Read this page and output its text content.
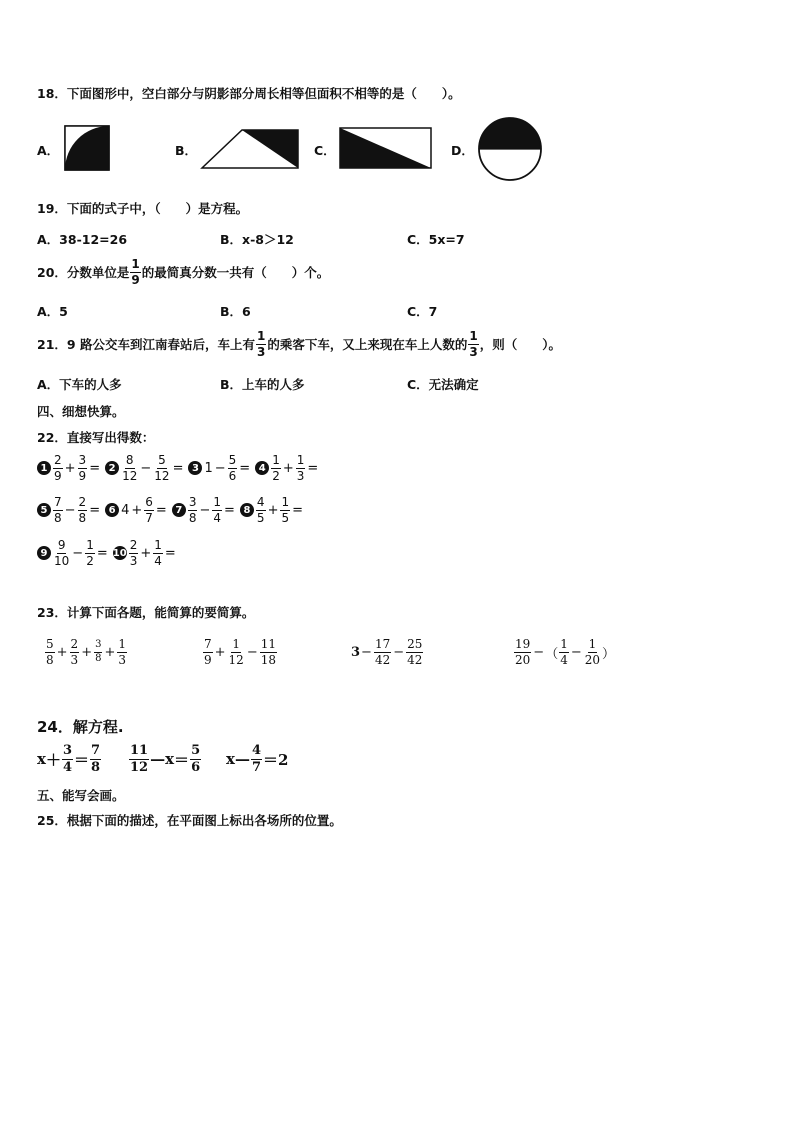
18．下面图形中，空白部分与阴影部分周长相等但面积不相等的是（　　）。
A．	B．	C．	D．
19．下面的式子中，（　　）是方程。
A．38-12=26	B．x-8＞12	C．5x=7
20．分数单位是 $\frac{1}{9}$ 的最简真分数一共有（　　）个。
A．5	B．6	C．7
21．9 路公交车到江南春站后，车上有 $\frac{1}{3}$ 的乘客下车，又上来现在车上人数的 $\frac{1}{3}$ ，则（　　）。
A．下车的人多	B．上车的人多	C．无法确定
四、细想快算。
22．直接写出得数：
$1 \frac{2}{9} + \frac{3}{9} = 2 \frac{8}{12} - \frac{5}{12} = 3$ $1 - \frac{5}{6} = 4 \frac{1}{2} + \frac{1}{3}$ =
$5 \frac{7}{8} - \frac{2}{8} = 6$ $4 + \frac{6}{7} = 7 \frac{3}{8} - \frac{1}{4} = 8 \frac{4}{5} + \frac{1}{5}$ =
$9 \frac{9}{10} - \frac{1}{2} = 10 \frac{2}{3} + \frac{1}{4}$ =
23．计算下面各题，能简算的要简算。
$\frac{5}{8} + \frac{2}{3} + \frac{3}{8} + \frac{1}{3}$	$\frac{7}{9} + \frac{1}{12} - \frac{11}{18}$	$3 - \frac{17}{42} - \frac{25}{42}$	$\frac{19}{20}$ − （ $\frac{1}{4} - \frac{1}{20}$ ）
24．解方程.
$x + \frac{3}{4} = \frac{7}{8} \frac{11}{12}$ —x ＝ $\frac{5}{6}$ x — $\frac{4}{7} =2$
五、能写会画。
25．根据下面的描述，在平面图上标出各场所的位置。
